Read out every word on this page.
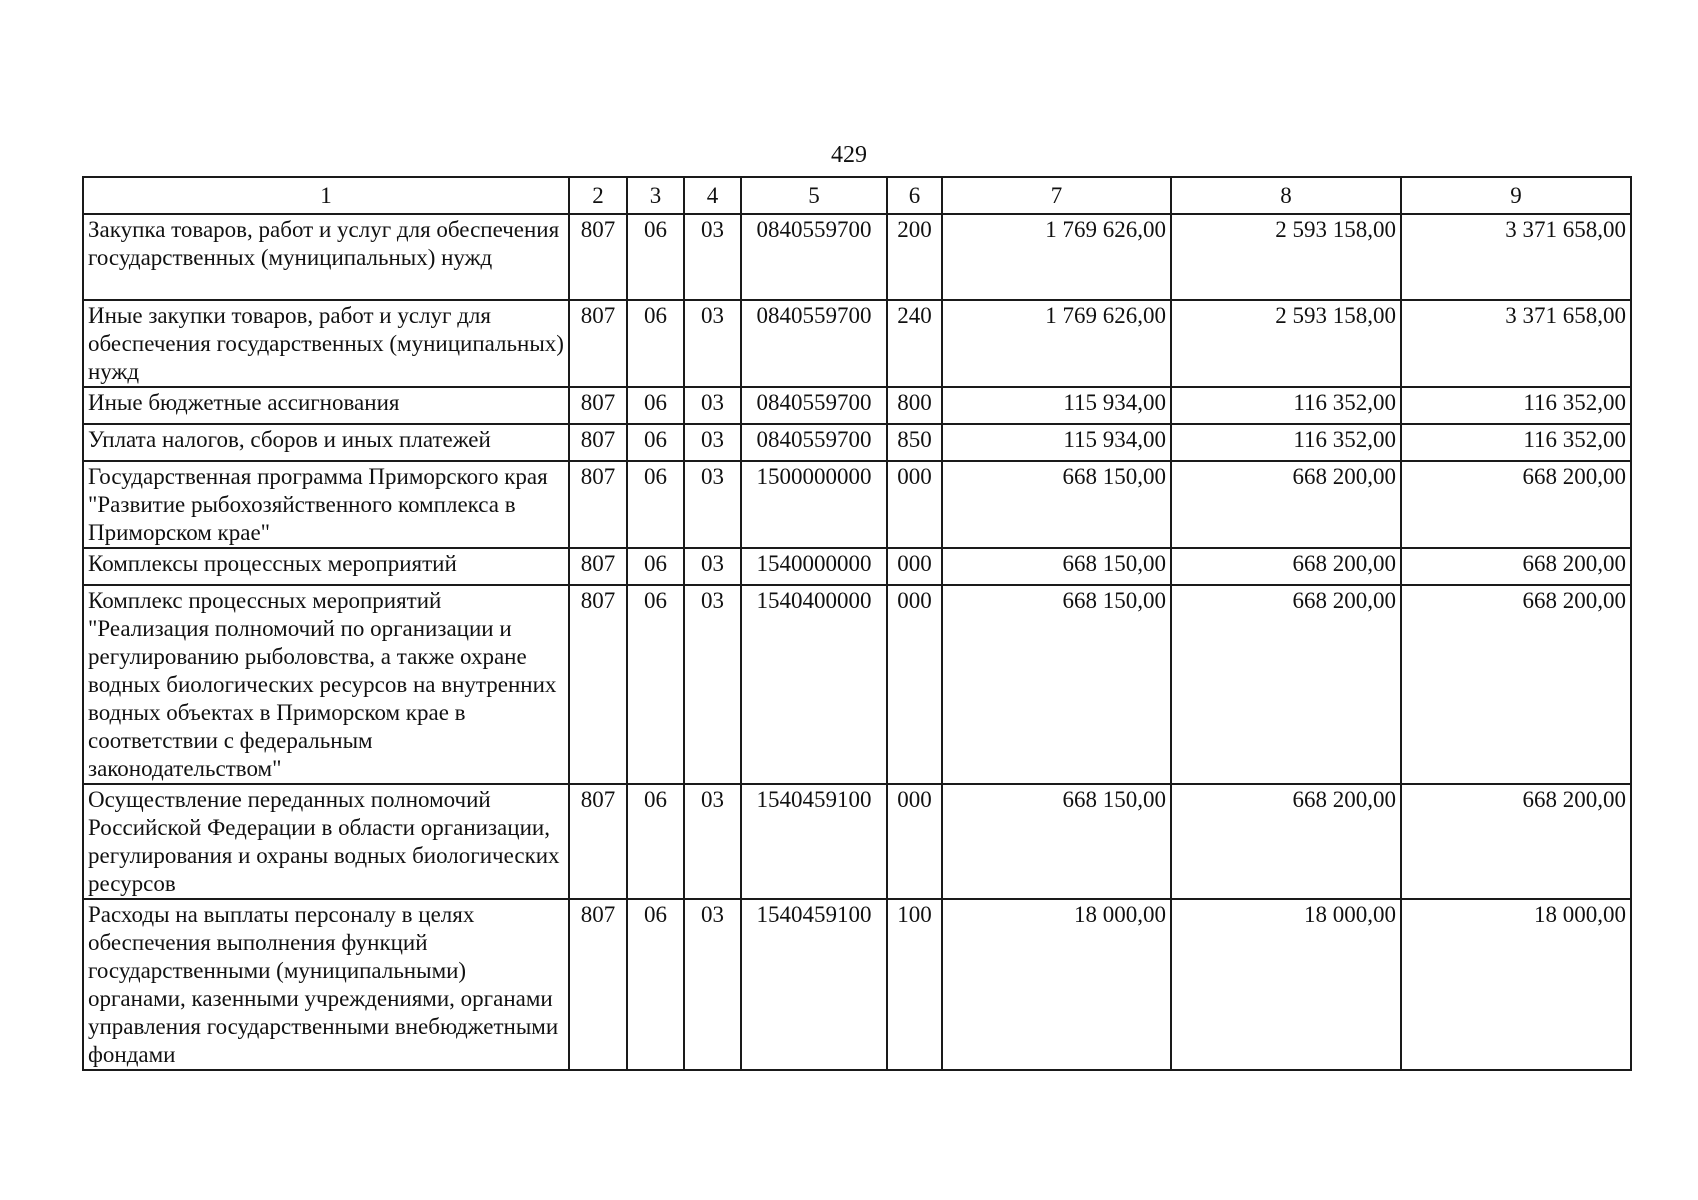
429
1	2	3	4	5	6	7	8	9
Закупка товаров, работ и услуг для обеспечения государственных (муниципальных) нужд	807	06	03	0840559700	200	1 769 626,00	2 593 158,00	3 371 658,00
Иные закупки товаров, работ и услуг для обеспечения государственных (муниципальных) нужд	807	06	03	0840559700	240	1 769 626,00	2 593 158,00	3 371 658,00
Иные бюджетные ассигнования	807	06	03	0840559700	800	115 934,00	116 352,00	116 352,00
Уплата налогов, сборов и иных платежей	807	06	03	0840559700	850	115 934,00	116 352,00	116 352,00
Государственная программа Приморского края "Развитие рыбохозяйственного комплекса в Приморском крае"	807	06	03	1500000000	000	668 150,00	668 200,00	668 200,00
Комплексы процессных мероприятий	807	06	03	1540000000	000	668 150,00	668 200,00	668 200,00
Комплекс процессных мероприятий "Реализация полномочий по организации и регулированию рыболовства, а также охране водных биологических ресурсов на внутренних водных объектах в Приморском крае в соответствии с федеральным законодательством"	807	06	03	1540400000	000	668 150,00	668 200,00	668 200,00
Осуществление переданных полномочий Российской Федерации в области организации, регулирования и охраны водных биологических ресурсов	807	06	03	1540459100	000	668 150,00	668 200,00	668 200,00
Расходы на выплаты персоналу в целях обеспечения выполнения функций государственными (муниципальными) органами, казенными учреждениями, органами управления государственными внебюджетными фондами	807	06	03	1540459100	100	18 000,00	18 000,00	18 000,00
